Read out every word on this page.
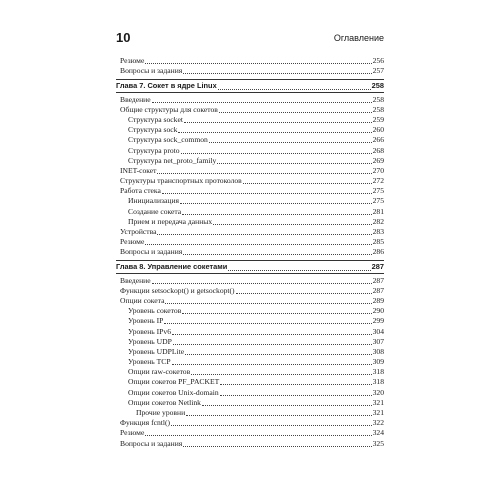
10	Оглавление
Резюме	256
Вопросы и задания	257
Глава 7. Сокет в ядре Linux	258
Введение	258
Общие структуры для сокетов	258
Структура socket	259
Структура sock	260
Структура sock_common	266
Структура proto	268
Структура net_proto_family	269
INET-сокет	270
Структуры транспортных протоколов	272
Работа стека	275
Инициализация	275
Создание сокета	281
Прием и передача данных	282
Устройства	283
Резюме	285
Вопросы и задания	286
Глава 8. Управление сокетами	287
Введение	287
Функции setsockopt() и getsockopt()	287
Опции сокета	289
Уровень сокетов	290
Уровень IP	299
Уровень IPv6	304
Уровень UDP	307
Уровень UDPLite	308
Уровень TCP	309
Опции raw-сокетов	318
Опции сокетов PF_PACKET	318
Опции сокетов Unix-domain	320
Опции сокетов Netlink	321
Прочие уровни	321
Функция fcntl()	322
Резюме	324
Вопросы и задания	325
